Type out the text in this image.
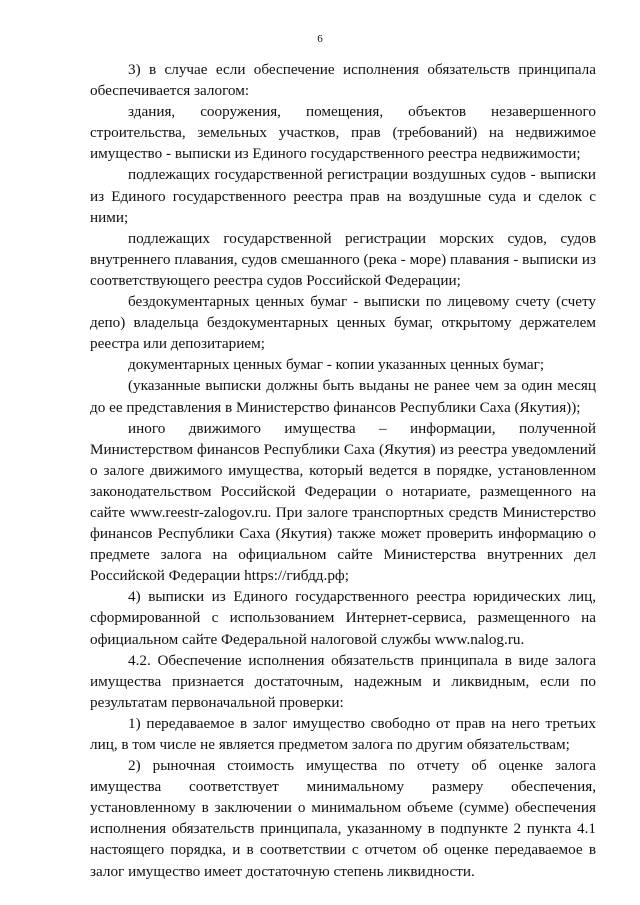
6

3) в случае если обеспечение исполнения обязательств принципала обеспечивается залогом:

здания, сооружения, помещения, объектов незавершенного строительства, земельных участков, прав (требований) на недвижимое имущество - выписки из Единого государственного реестра недвижимости;

подлежащих государственной регистрации воздушных судов - выписки из Единого государственного реестра прав на воздушные суда и сделок с ними;

подлежащих государственной регистрации морских судов, судов внутреннего плавания, судов смешанного (река - море) плавания - выписки из соответствующего реестра судов Российской Федерации;

бездокументарных ценных бумаг - выписки по лицевому счету (счету депо) владельца бездокументарных ценных бумаг, открытому держателем реестра или депозитарием;

документарных ценных бумаг - копии указанных ценных бумаг;

(указанные выписки должны быть выданы не ранее чем за один месяц до ее представления в Министерство финансов Республики Саха (Якутия));

иного движимого имущества – информации, полученной Министерством финансов Республики Саха (Якутия) из реестра уведомлений о залоге движимого имущества, который ведется в порядке, установленном законодательством Российской Федерации о нотариате, размещенного на сайте www.reestr-zalogov.ru. При залоге транспортных средств Министерство финансов Республики Саха (Якутия) также может проверить информацию о предмете залога на официальном сайте Министерства внутренних дел Российской Федерации https://гибдд.рф;

4) выписки из Единого государственного реестра юридических лиц, сформированной с использованием Интернет-сервиса, размещенного на официальном сайте Федеральной налоговой службы www.nalog.ru.

4.2. Обеспечение исполнения обязательств принципала в виде залога имущества признается достаточным, надежным и ликвидным, если по результатам первоначальной проверки:

1) передаваемое в залог имущество свободно от прав на него третьих лиц, в том числе не является предметом залога по другим обязательствам;

2) рыночная стоимость имущества по отчету об оценке залога имущества соответствует минимальному размеру обеспечения, установленному в заключении о минимальном объеме (сумме) обеспечения исполнения обязательств принципала, указанному в подпункте 2 пункта 4.1 настоящего порядка, и в соответствии с отчетом об оценке передаваемое в залог имущество имеет достаточную степень ликвидности.
